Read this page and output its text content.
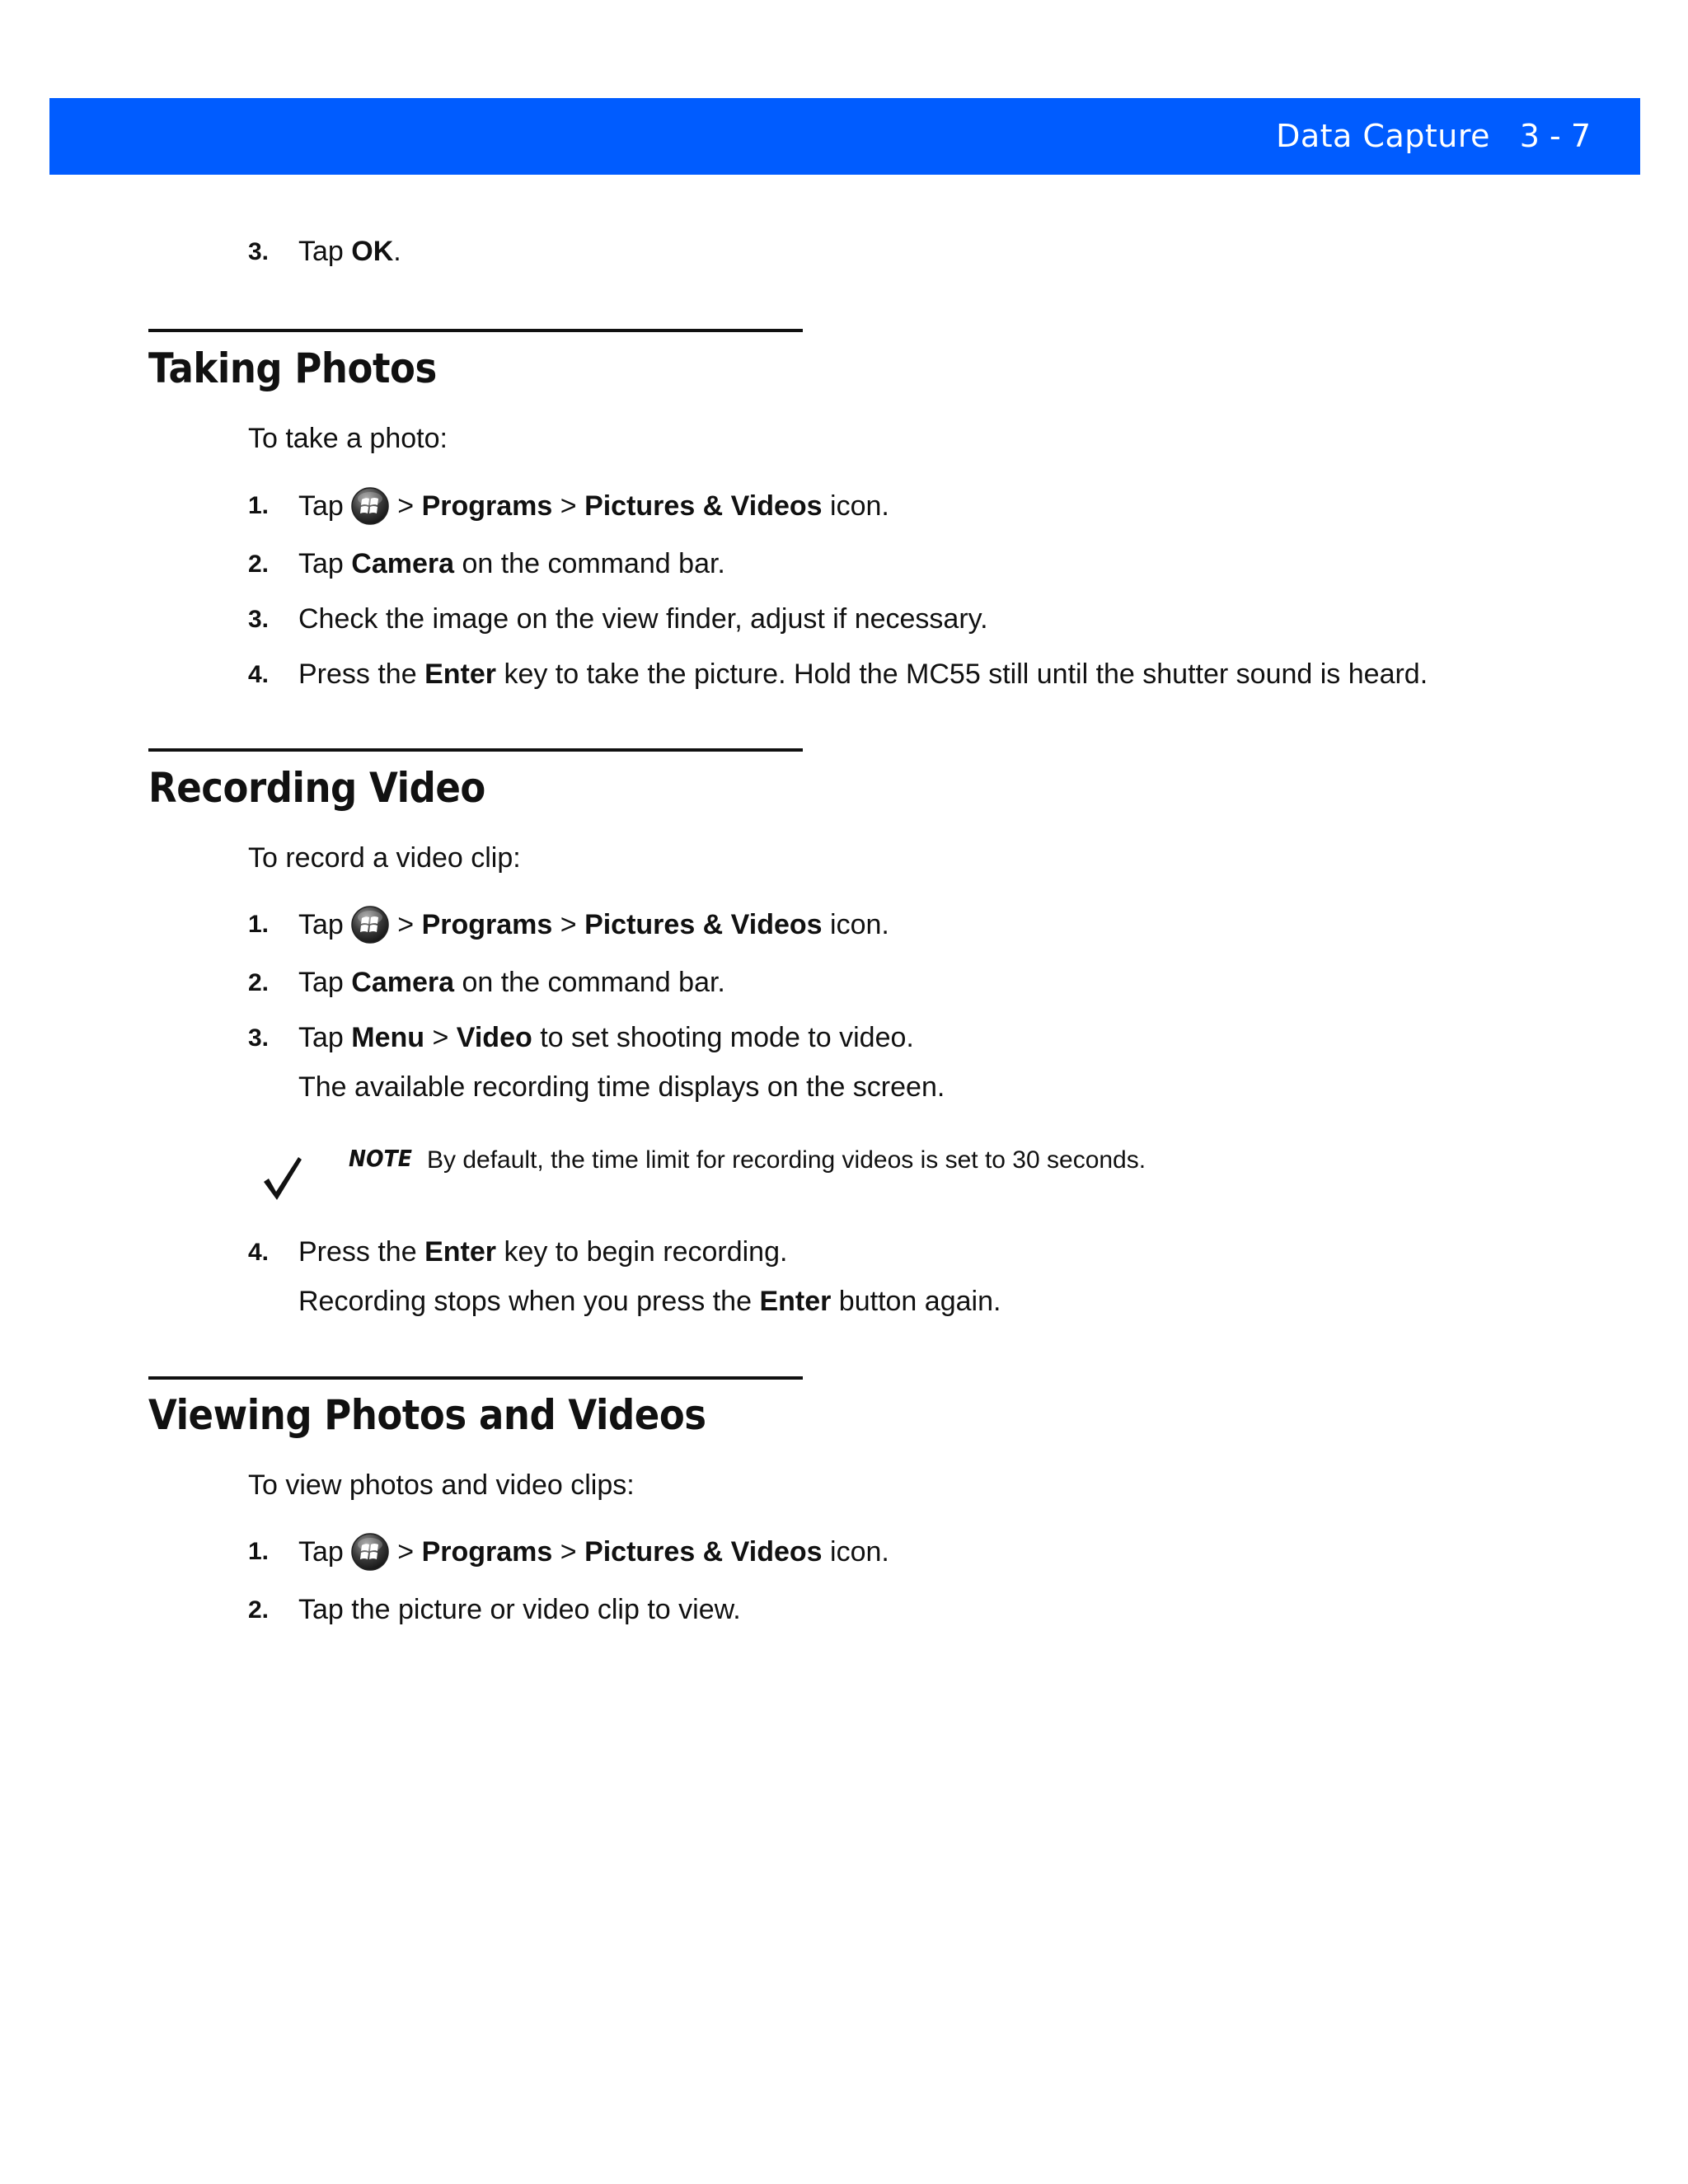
Data Capture 3 - 7
3.	Tap OK.
Taking Photos
To take a photo:
1.	Tap > Programs > Pictures & Videos icon.
2.	Tap Camera on the command bar.
3.	Check the image on the view finder, adjust if necessary.
4.	Press the Enter key to take the picture. Hold the MC55 still until the shutter sound is heard.
Recording Video
To record a video clip:
1.	Tap > Programs > Pictures & Videos icon.
2.	Tap Camera on the command bar.
3.	Tap Menu > Video to set shooting mode to video.
The available recording time displays on the screen.
NOTE By default, the time limit for recording videos is set to 30 seconds.
4.	Press the Enter key to begin recording.
Recording stops when you press the Enter button again.
Viewing Photos and Videos
To view photos and video clips:
1.	Tap > Programs > Pictures & Videos icon.
2.	Tap the picture or video clip to view.
